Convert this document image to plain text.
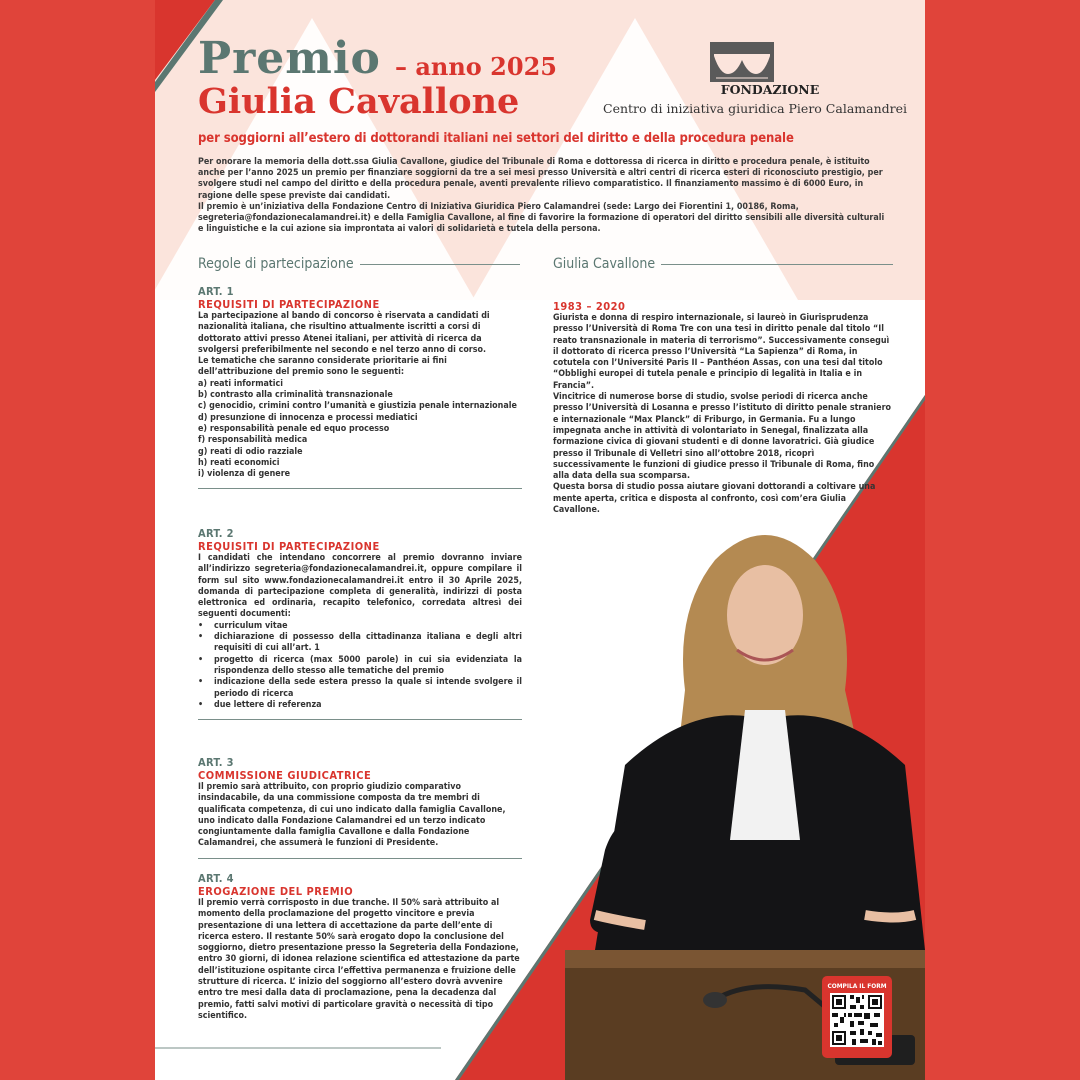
Premio – anno 2025
Giulia Cavallone	FONDAZIONE
Centro di iniziativa giuridica Piero Calamandrei
per soggiorni all’estero di dottorandi italiani nei settori del diritto e della procedura penale

Per onorare la memoria della dott.ssa Giulia Cavallone, giudice del Tribunale di Roma e dottoressa di ricerca in diritto e procedura penale, è istituito anche per l’anno 2025 un premio per finanziare soggiorni da tre a sei mesi presso Università e altri centri di ricerca esteri di riconosciuto prestigio, per svolgere studi nel campo del diritto e della procedura penale, aventi prevalente rilievo comparatistico. Il finanziamento massimo è di 6000 Euro, in ragione delle spese previste dai candidati.

Il premio è un’iniziativa della Fondazione Centro di Iniziativa Giuridica Piero Calamandrei (sede: Largo dei Fiorentini 1, 00186, Roma, segreteria@fondazionecalamandrei.it) e della Famiglia Cavallone, al fine di favorire la formazione di operatori del diritto sensibili alle diversità culturali e linguistiche e la cui azione sia improntata ai valori di solidarietà e tutela della persona.

Regole di partecipazione	Giulia Cavallone
ART. 1
REQUISITI DI PARTECIPAZIONE

La partecipazione al bando di concorso è riservata a candidati di nazionalità italiana, che risultino attualmente iscritti a corsi di dottorato attivi presso Atenei italiani, per attività di ricerca da svolgersi preferibilmente nel secondo e nel terzo anno di corso.

Le tematiche che saranno considerate prioritarie ai fini dell’attribuzione del premio sono le seguenti:

a) reati informatici
b) contrasto alla criminalità transnazionale
c) genocidio, crimini contro l’umanità e giustizia penale internazionale
d) presunzione di innocenza e processi mediatici
e) responsabilità penale ed equo processo
f) responsabilità medica
g) reati di odio razziale
h) reati economici
i) violenza di genere
ART. 2
REQUISITI DI PARTECIPAZIONE

I candidati che intendano concorrere al premio dovranno inviare all’indirizzo segreteria@fondazionecalamandrei.it, oppure compilare il form sul sito www.fondazionecalamandrei.it entro il 30 Aprile 2025, domanda di partecipazione completa di generalità, indirizzi di posta elettronica ed ordinaria, recapito telefonico, corredata altresì dei seguenti documenti:

• curriculum vitae
• dichiarazione di possesso della cittadinanza italiana e degli altri requisiti di cui all’art. 1
• progetto di ricerca (max 5000 parole) in cui sia evidenziata la rispondenza dello stesso alle tematiche del premio
• indicazione della sede estera presso la quale si intende svolgere il periodo di ricerca
• due lettere di referenza
ART. 3
COMMISSIONE GIUDICATRICE

Il premio sarà attribuito, con proprio giudizio comparativo insindacabile, da una commissione composta da tre membri di qualificata competenza, di cui uno indicato dalla famiglia Cavallone, uno indicato dalla Fondazione Calamandrei ed un terzo indicato congiuntamente dalla famiglia Cavallone e dalla Fondazione Calamandrei, che assumerà le funzioni di Presidente.

ART. 4
EROGAZIONE DEL PREMIO

Il premio verrà corrisposto in due tranche. Il 50% sarà attribuito al momento della proclamazione del progetto vincitore e previa presentazione di una lettera di accettazione da parte dell’ente di ricerca estero. Il restante 50% sarà erogato dopo la conclusione del soggiorno, dietro presentazione presso la Segreteria della Fondazione, entro 30 giorni, di idonea relazione scientifica ed attestazione da parte dell’istituzione ospitante circa l’effettiva permanenza e fruizione delle strutture di ricerca. L’ inizio del soggiorno all’estero dovrà avvenire entro tre mesi dalla data di proclamazione, pena la decadenza dal premio, fatti salvi motivi di particolare gravità o necessità di tipo scientifico.

1983 – 2020

Giurista e donna di respiro internazionale, si laureò in Giurisprudenza presso l’Università di Roma Tre con una tesi in diritto penale dal titolo “Il reato transnazionale in materia di terrorismo”. Successivamente conseguì il dottorato di ricerca presso l’Università “La Sapienza” di Roma, in cotutela con l’Université Paris II – Panthéon Assas, con una tesi dal titolo “Obblighi europei di tutela penale e principio di legalità in Italia e in Francia”.

Vincitrice di numerose borse di studio, svolse periodi di ricerca anche presso l’Università di Losanna e presso l’istituto di diritto penale straniero e internazionale “Max Planck” di Friburgo, in Germania. Fu a lungo impegnata anche in attività di volontariato in Senegal, finalizzata alla formazione civica di giovani studenti e di donne lavoratrici. Già giudice presso il Tribunale di Velletri sino all’ottobre 2018, ricoprì successivamente le funzioni di giudice presso il Tribunale di Roma, fino alla data della sua scomparsa.

Questa borsa di studio possa aiutare giovani dottorandi a coltivare una mente aperta, critica e disposta al confronto, così com’era Giulia Cavallone.

COMPILA IL FORM
